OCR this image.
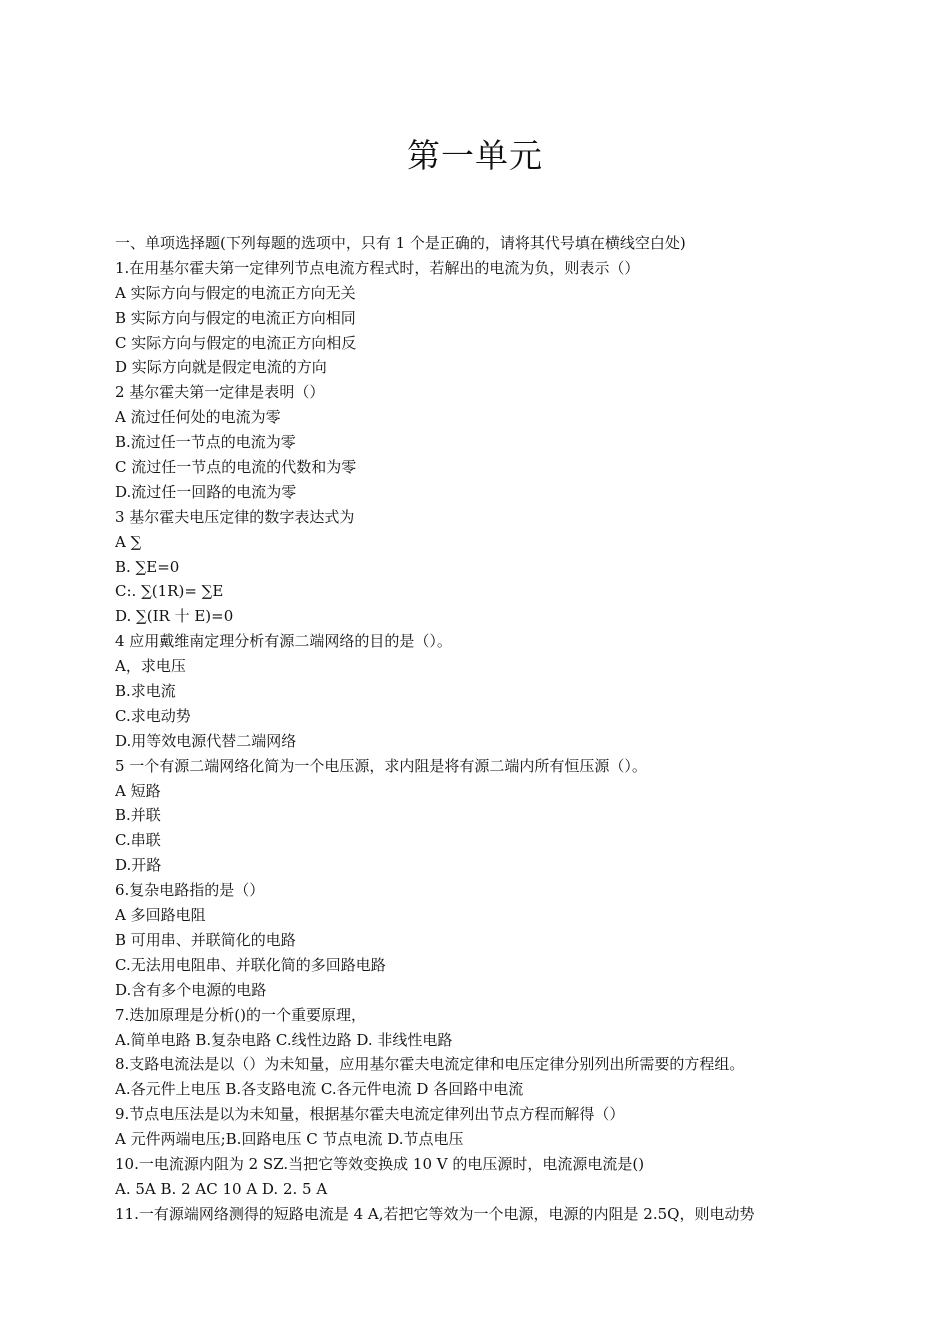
第一单元
一、单项选择题(下列每题的选项中，只有 1 个是正确的，请将其代号填在横线空白处)
1.在用基尔霍夫第一定律列节点电流方程式时，若解出的电流为负，则表示（）
A 实际方向与假定的电流正方向无关
B 实际方向与假定的电流正方向相同
C 实际方向与假定的电流正方向相反
D 实际方向就是假定电流的方向
2 基尔霍夫第一定律是表明（）
A 流过任何处的电流为零
B.流过任一节点的电流为零
C 流过任一节点的电流的代数和为零
D.流过任一回路的电流为零
3 基尔霍夫电压定律的数字表达式为
A ∑
B. ∑E=0
C:. ∑(1R)= ∑E
D. ∑(IR 十 E)=0
4 应用戴维南定理分析有源二端网络的目的是（）。
A，求电压
B.求电流
C.求电动势
D.用等效电源代替二端网络
5 一个有源二端网络化简为一个电压源，求内阻是将有源二端内所有恒压源（）。
A 短路
B.并联
C.串联
D.开路
6.复杂电路指的是（）
A 多回路电阻
B 可用串、并联简化的电路
C.无法用电阻串、并联化简的多回路电路
D.含有多个电源的电路
7.迭加原理是分析()的一个重要原理，
A.简单电路 B.复杂电路 C.线性边路 D. 非线性电路
8.支路电流法是以（）为未知量，应用基尔霍夫电流定律和电压定律分别列出所需要的方程组。
A.各元件上电压 B.各支路电流 C.各元件电流 D 各回路中电流
9.节点电压法是以为未知量，根据基尔霍夫电流定律列出节点方程而解得（）
A 元件两端电压;B.回路电压 C 节点电流 D.节点电压
10.一电流源内阻为 2 SZ.当把它等效变换成 10 V 的电压源时，电流源电流是()
A. 5A B. 2 AC 10 A D. 2. 5 A
11.一有源端网络测得的短路电流是 4 A,若把它等效为一个电源，电源的内阻是 2.5Q，则电动势
